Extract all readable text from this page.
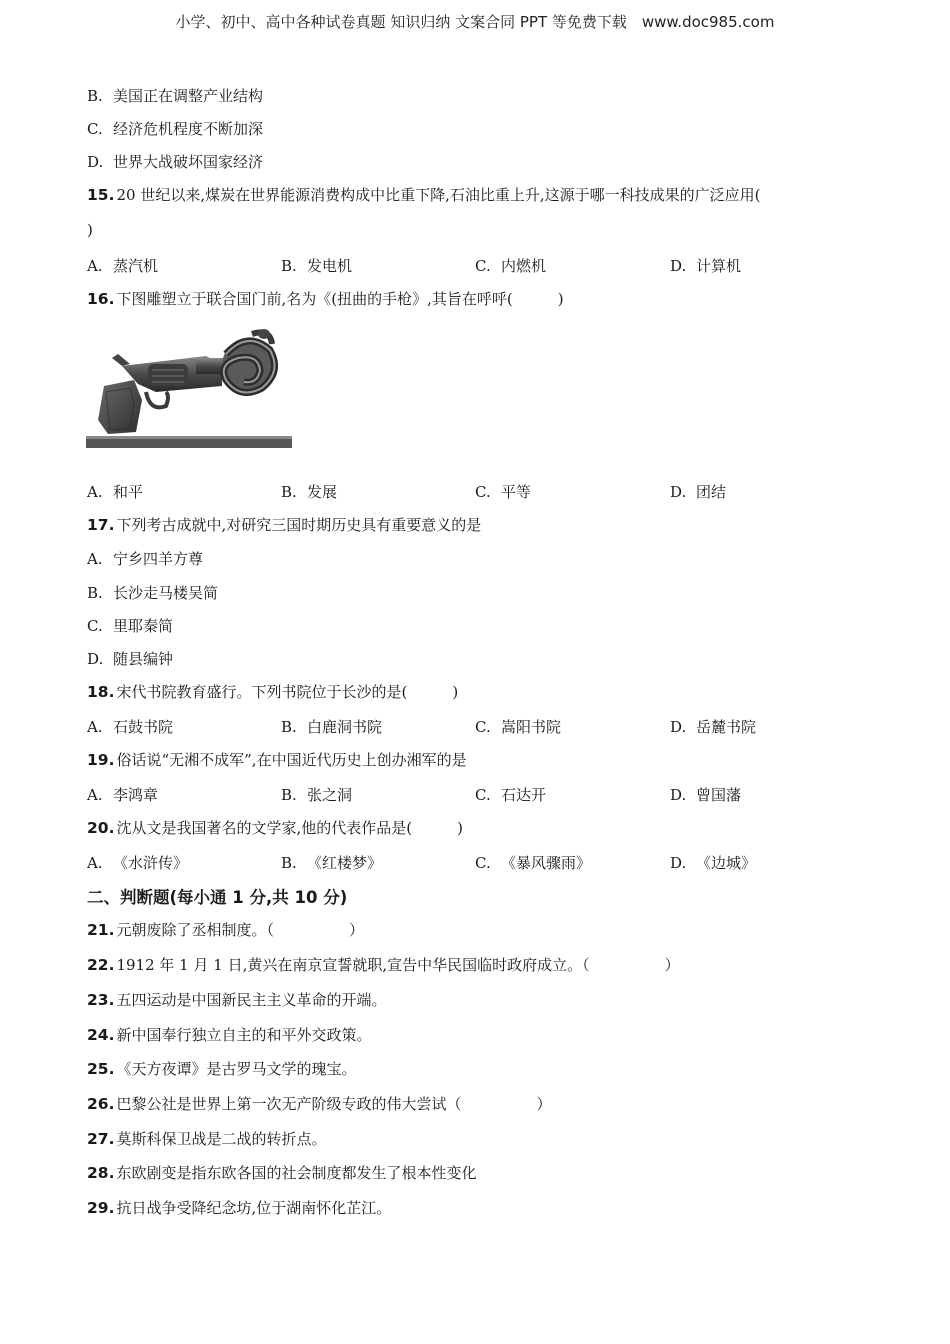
小学、初中、高中各种试卷真题 知识归纳 文案合同 PPT 等免费下载　www.doc985.com
B. 美国正在调整产业结构
C. 经济危机程度不断加深
D. 世界大战破坏国家经济
15. 20 世纪以来,煤炭在世界能源消费构成中比重下降,石油比重上升,这源于哪一科技成果的广泛应用(
)
A. 蒸汽机	B. 发电机	C. 内燃机	D. 计算机
16. 下图雕塑立于联合国门前,名为《(扭曲的手枪》,其旨在呼呼(　　　)
A. 和平	B. 发展	C. 平等	D. 团结
17. 下列考古成就中,对研究三国时期历史具有重要意义的是
A. 宁乡四羊方尊
B. 长沙走马楼吴简
C. 里耶秦简
D. 随县编钟
18. 宋代书院教育盛行。下列书院位于长沙的是(　　　)
A. 石鼓书院	B. 白鹿洞书院	C. 嵩阳书院	D. 岳麓书院
19. 俗话说“无湘不成军”,在中国近代历史上创办湘军的是
A. 李鸿章	B. 张之洞	C. 石达开	D. 曾国藩
20. 沈从文是我国著名的文学家,他的代表作品是(　　　)
A. 《水浒传》	B. 《红楼梦》	C. 《暴风骤雨》	D. 《边城》
二、判断题(每小通 1 分,共 10 分)
21. 元朝废除了丞相制度。（　　　　　）
22. 1912 年 1 月 1 日,黄兴在南京宣誓就职,宣告中华民国临时政府成立。（　　　　　）
23. 五四运动是中国新民主主义革命的开端。
24. 新中国奉行独立自主的和平外交政策。
25. 《天方夜谭》是古罗马文学的瑰宝。
26. 巴黎公社是世界上第一次无产阶级专政的伟大尝试（　　　　　）
27. 莫斯科保卫战是二战的转折点。
28. 东欧剧变是指东欧各国的社会制度都发生了根本性变化
29. 抗日战争受降纪念坊,位于湖南怀化芷江。
